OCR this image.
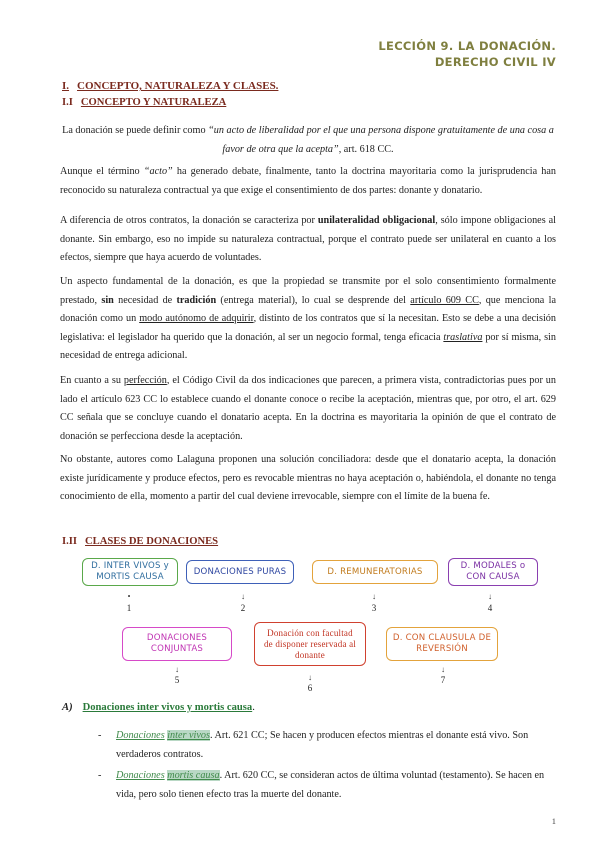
LECCIÓN 9. LA DONACIÓN.
DERECHO CIVIL IV
I. CONCEPTO, NATURALEZA Y CLASES.
I.I CONCEPTO Y NATURALEZA
La donación se puede definir como “un acto de liberalidad por el que una persona dispone gratuitamente de una cosa a favor de otra que la acepta”, art. 618 CC.
Aunque el término “acto” ha generado debate, finalmente, tanto la doctrina mayoritaria como la jurisprudencia han reconocido su naturaleza contractual ya que exige el consentimiento de dos partes: donante y donatario.
A diferencia de otros contratos, la donación se caracteriza por unilateralidad obligacional, sólo impone obligaciones al donante. Sin embargo, eso no impide su naturaleza contractual, porque el contrato puede ser unilateral en cuanto a los efectos, siempre que haya acuerdo de voluntades.
Un aspecto fundamental de la donación, es que la propiedad se transmite por el solo consentimiento formalmente prestado, sin necesidad de tradición (entrega material), lo cual se desprende del artículo 609 CC, que menciona la donación como un modo autónomo de adquirir, distinto de los contratos que sí la necesitan. Esto se debe a una decisión legislativa: el legislador ha querido que la donación, al ser un negocio formal, tenga eficacia traslativa por sí misma, sin necesidad de entrega adicional.
En cuanto a su perfección, el Código Civil da dos indicaciones que parecen, a primera vista, contradictorias pues por un lado el artículo 623 CC lo establece cuando el donante conoce o recibe la aceptación, mientras que, por otro, el art. 629 CC señala que se concluye cuando el donatario acepta. En la doctrina es mayoritaria la opinión de que el contrato de donación se perfecciona desde la aceptación.
No obstante, autores como Lalaguna proponen una solución conciliadora: desde que el donatario acepta, la donación existe jurídicamente y produce efectos, pero es revocable mientras no haya aceptación o, habiéndola, el donante no tenga conocimiento de ella, momento a partir del cual deviene irrevocable, siempre con el límite de la buena fe.
I.II CLASES DE DONACIONES
D. INTER VIVOS y
MORTIS CAUSA
DONACIONES PURAS	D. REMUNERATORIAS
D. MODALES o
CON CAUSA
•
1
↓
2
↓
3
↓
4
DONACIONES
CONJUNTAS
Donación con facultad
de disponer reservada al
donante
D. CON CLAUSULA DE
REVERSIÓN
↓
5	↓
6
↓
7
A) Donaciones inter vivos y mortis causa.
- Donaciones inter vivos. Art. 621 CC; Se hacen y producen efectos mientras el donante está vivo. Son verdaderos contratos.
- Donaciones mortis causa. Art. 620 CC, se consideran actos de última voluntad (testamento). Se hacen en vida, pero solo tienen efecto tras la muerte del donante.
1
